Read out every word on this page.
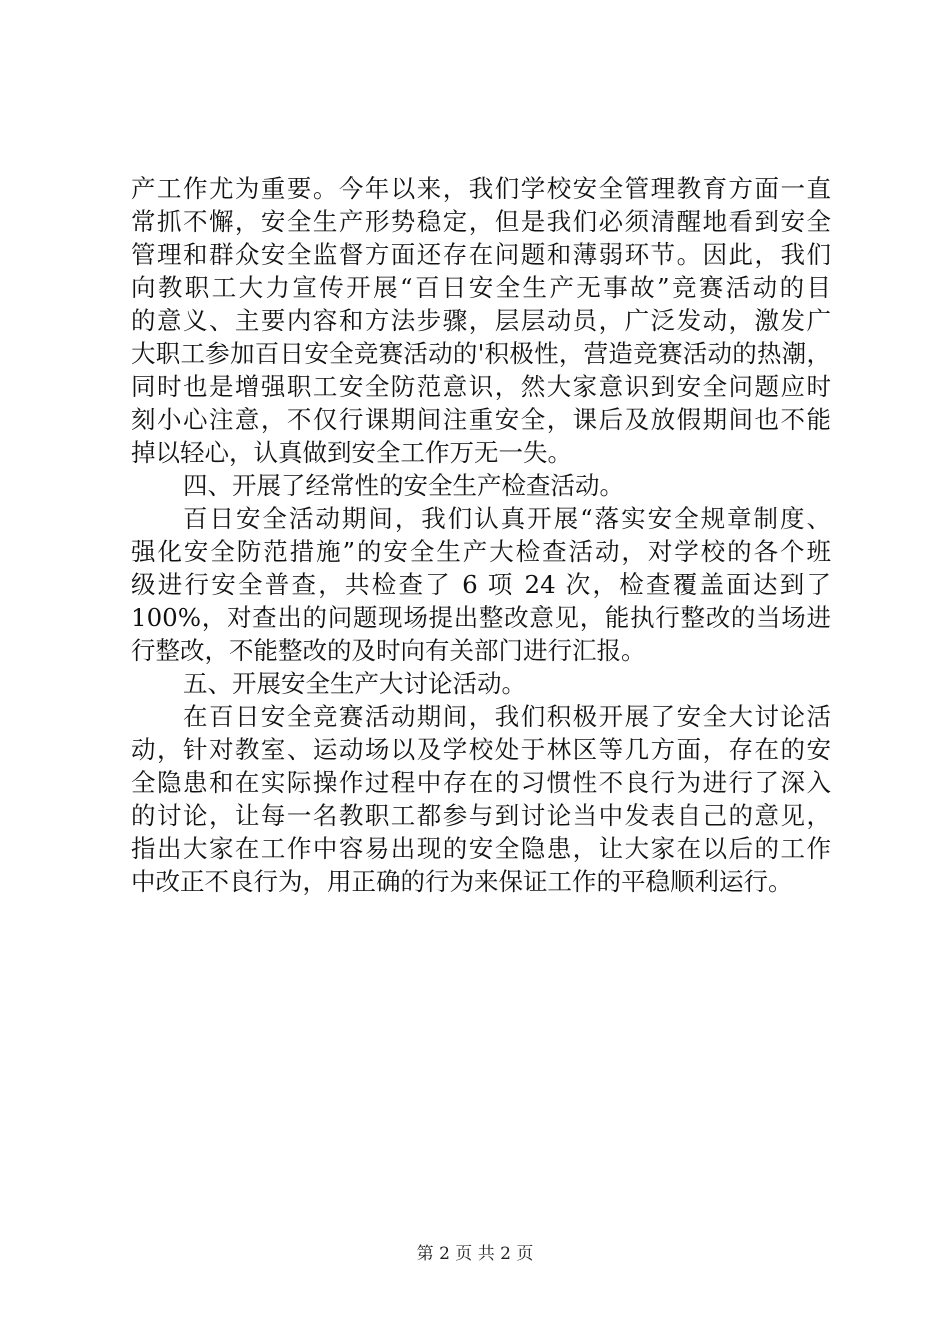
产工作尤为重要。今年以来，我们学校安全管理教育方面一直
常抓不懈，安全生产形势稳定，但是我们必须清醒地看到安全
管理和群众安全监督方面还存在问题和薄弱环节。因此，我们
向教职工大力宣传开展“百日安全生产无事故”竞赛活动的目
的意义、主要内容和方法步骤，层层动员，广泛发动，激发广
大职工参加百日安全竞赛活动的'积极性，营造竞赛活动的热潮，
同时也是增强职工安全防范意识，然大家意识到安全问题应时
刻小心注意，不仅行课期间注重安全，课后及放假期间也不能
掉以轻心，认真做到安全工作万无一失。
四、开展了经常性的安全生产检查活动。
百日安全活动期间，我们认真开展“落实安全规章制度、
强化安全防范措施”的安全生产大检查活动，对学校的各个班
级进行安全普查，共检查了 6 项 24 次，检查覆盖面达到了
100%，对查出的问题现场提出整改意见，能执行整改的当场进
行整改，不能整改的及时向有关部门进行汇报。
五、开展安全生产大讨论活动。
在百日安全竞赛活动期间，我们积极开展了安全大讨论活
动，针对教室、运动场以及学校处于林区等几方面，存在的安
全隐患和在实际操作过程中存在的习惯性不良行为进行了深入
的讨论，让每一名教职工都参与到讨论当中发表自己的意见，
指出大家在工作中容易出现的安全隐患，让大家在以后的工作
中改正不良行为，用正确的行为来保证工作的平稳顺利运行。
第 2 页 共 2 页
